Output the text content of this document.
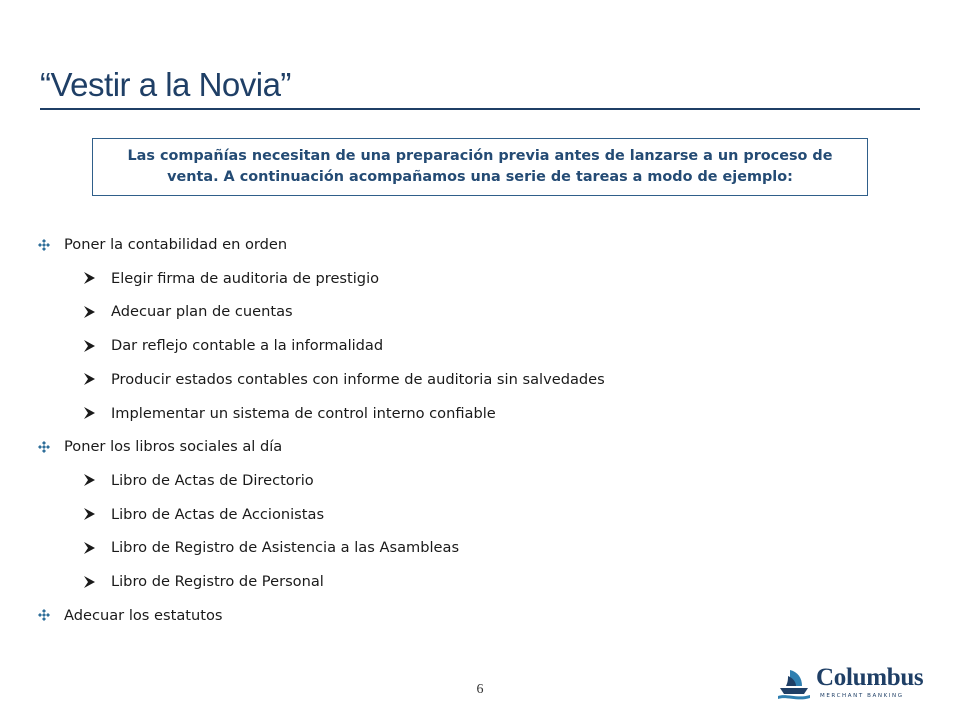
“Vestir a la Novia”
Las compañías necesitan de una preparación previa antes de lanzarse a un proceso de
venta. A continuación acompañamos una serie de tareas a modo de ejemplo:
Poner la contabilidad en orden
Elegir firma de auditoria de prestigio
Adecuar plan de cuentas
Dar reflejo contable a la informalidad
Producir estados contables con informe de auditoria sin salvedades
Implementar un sistema de control interno confiable
Poner los libros sociales al día
Libro de Actas de Directorio
Libro de Actas de Accionistas
Libro de Registro de Asistencia a las Asambleas
Libro de Registro de Personal
Adecuar los estatutos
6	Columbus
MERCHANT BANKING
